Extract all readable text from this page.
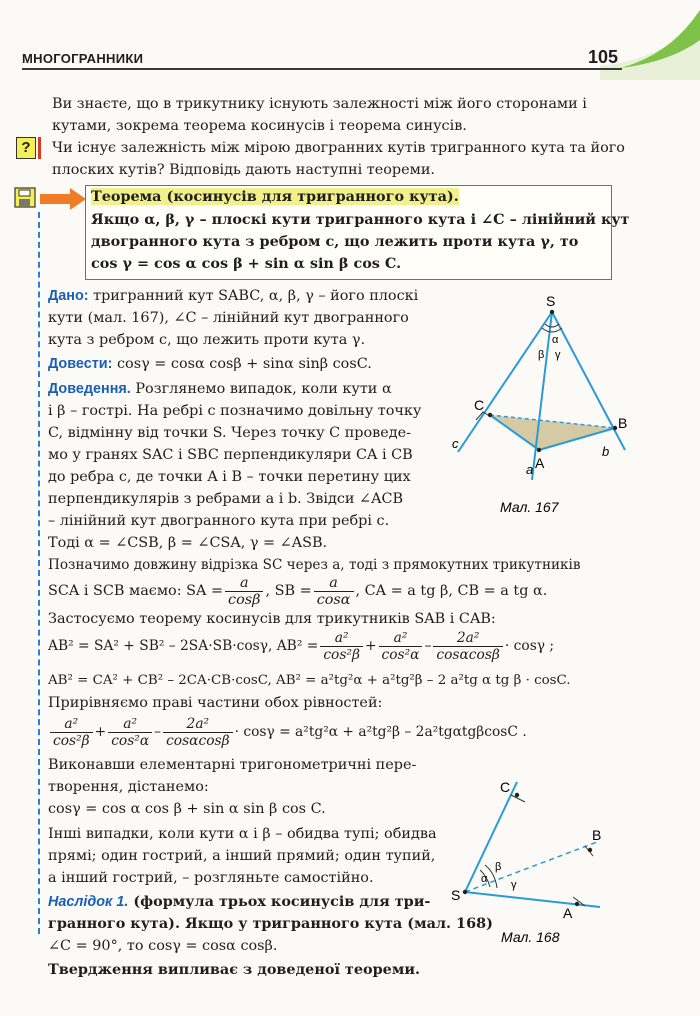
МНОГОГРАННИКИ	105
Ви знаєте, що в трикутнику існують залежності між його сторонами і
кутами, зокрема теорема косинусів і теорема синусів.
?	Чи існує залежність між мірою двогранних кутів тригранного кута та його
плоских кутів? Відповідь дають наступні теореми.
Теорема (косинусів для тригранного кута).
Якщо α, β, γ – плоскі кути тригранного кута і ∠C – лінійний кут
двогранного кута з ребром c, що лежить проти кута γ, то
cos γ = cos α cos β + sin α sin β cos C.
Дано: тригранний кут SABC, α, β, γ – його плоскі
кути (мал. 167), ∠C – лінійний кут двогранного
кута з ребром c, що лежить проти кута γ.
Довести: cosγ = cosα cosβ + sinα sinβ cosC.
Доведення. Розглянемо випадок, коли кути α
і β – гострі. На ребрі c позначимо довільну точку
C, відмінну від точки S. Через точку C проведе-
мо у гранях SAC і SBC перпендикуляри CA і CB
до ребра c, де точки A і B – точки перетину цих
перпендикулярів з ребрами a і b. Звідси ∠ACB
– лінійний кут двогранного кута при ребрі c.
Тоді α = ∠CSB, β = ∠CSA, γ = ∠ASB.
Позначимо довжину відрізка SC через a, тоді з прямокутних трикутників
SCA і SCB маємо: SA = $\frac{a}{\cos\beta}$ , SB = $\frac{a}{\cos\alpha}$ , CA = a tg β, CB = a tg α.
Застосуємо теорему косинусів для трикутників SAB і CAB:
AB² = SA² + SB² – 2SA·SB·cosγ, $AB^2 = \frac{\text{a²}}{\text{cos²β}} + \frac{\text{a²}}{\text{cos²α}} - \frac{\text{2a²}}{\cos\alpha\cos\beta} \cdot \cos\gamma$ ;
AB² = CA² + CB² – 2CA·CB·cosC, AB² = a²tg²α + a²tg²β – 2 a²tg α tg β · cosC.
Прирівняємо праві частини обох рівностей:
$\frac{\text{a²}}{\text{cos²β}} + \frac{\text{a²}}{\text{cos²α}} - \frac{\text{2a²}}{\cos\alpha\cos\beta} \cdot \cos\gamma = a^2tg^2\alpha + a^2tg^2\beta - 2a^2tg\alpha tg\beta\cos C$ .
Виконавши елементарні тригонометричні пере-
творення, дістанемо:
cosγ = cos α cos β + sin α sin β cos C.
Інші випадки, коли кути α і β – обидва тупі; обидва
прямі; один гострий, а інший прямий; один тупий,
а інший гострий, – розгляньте самостійно.
Наслідок 1. (формула трьох косинусів для три-
гранного кута). Якщо у тригранного кута (мал. 168)
∠C = 90°, то cosγ = cosα cosβ.
Твердження випливає з доведеної теореми.
S
C
B
A
c
a
b
α
β γ
Мал. 167
C
B
A
S
β
α γ
Мал. 168
